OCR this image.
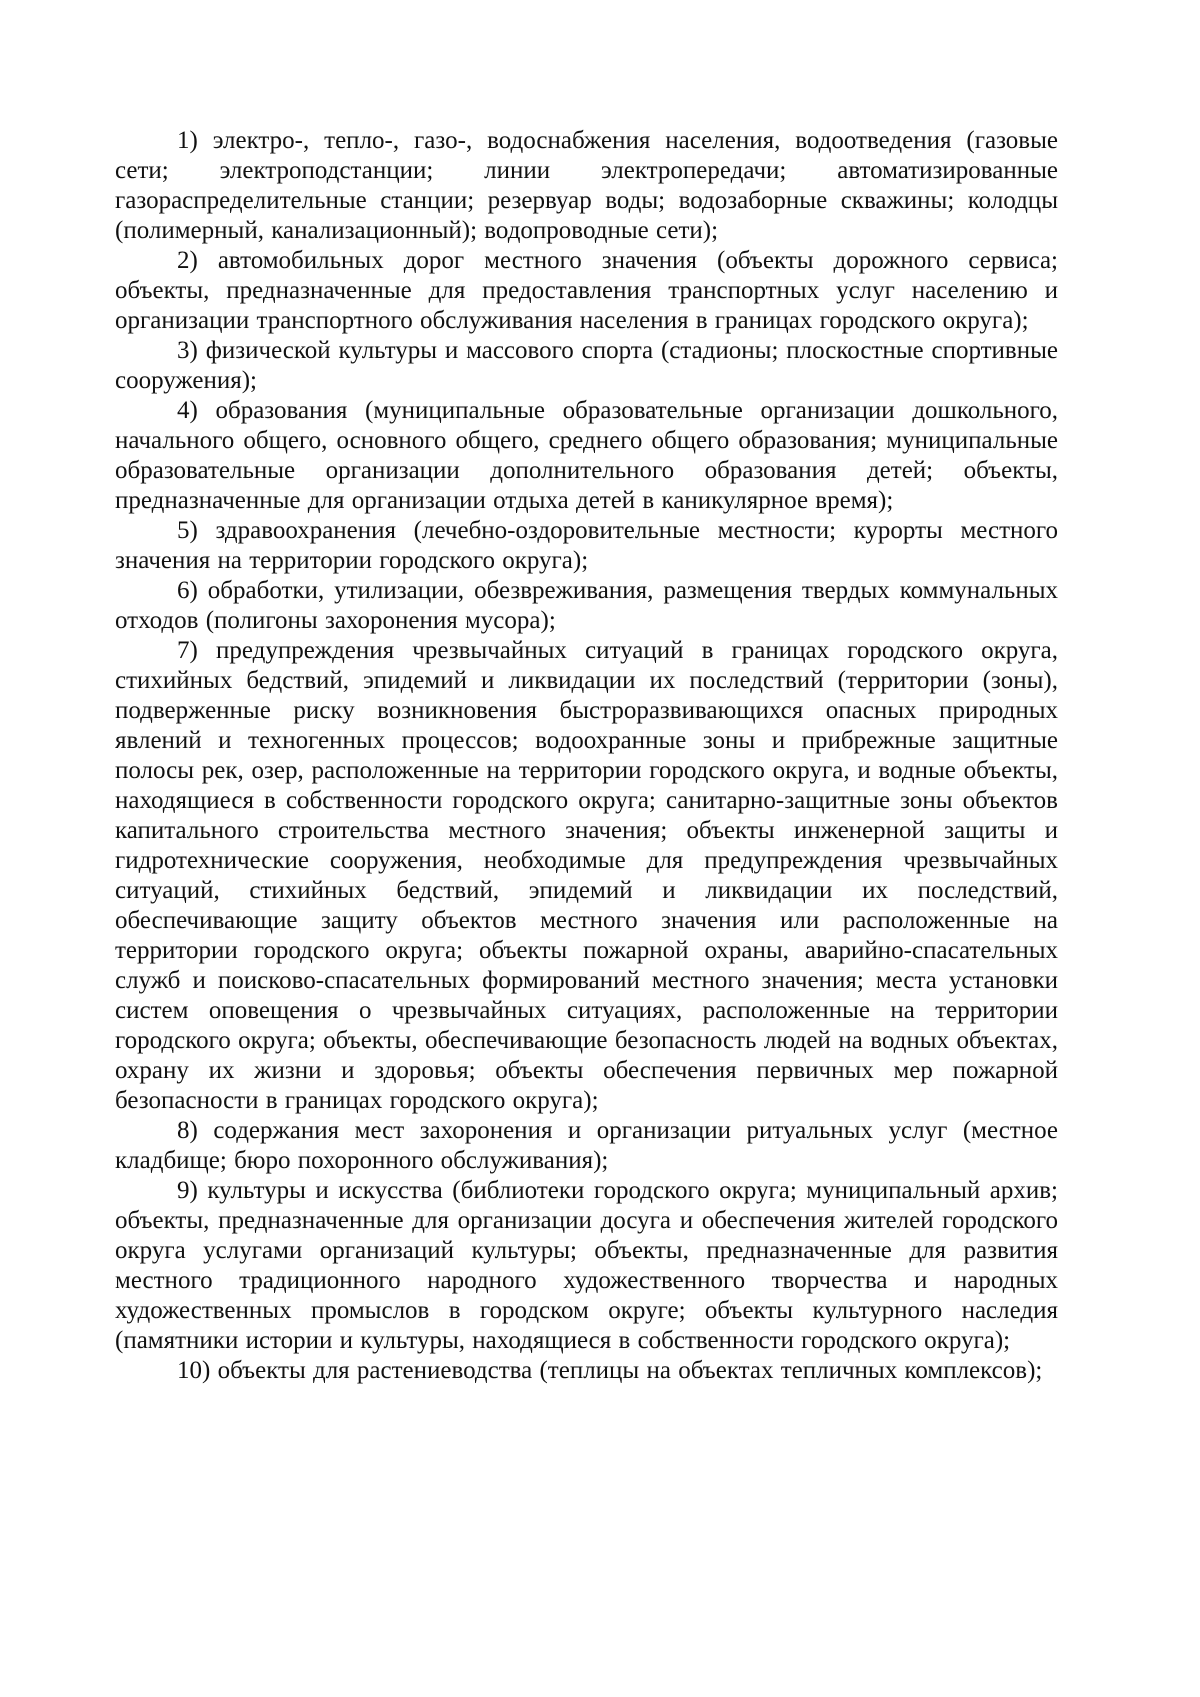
1) электро-, тепло-, газо-, водоснабжения населения, водоотведения (газовые сети; электроподстанции; линии электропередачи; автоматизированные газораспределительные станции; резервуар воды; водозаборные скважины; колодцы (полимерный, канализационный); водопроводные сети);

2) автомобильных дорог местного значения (объекты дорожного сервиса; объекты, предназначенные для предоставления транспортных услуг населению и организации транспортного обслуживания населения в границах городского округа);

3) физической культуры и массового спорта (стадионы; плоскостные спортивные сооружения);

4) образования (муниципальные образовательные организации дошкольного, начального общего, основного общего, среднего общего образования; муниципальные образовательные организации дополнительного образования детей; объекты, предназначенные для организации отдыха детей в каникулярное время);

5) здравоохранения (лечебно-оздоровительные местности; курорты местного значения на территории городского округа);

6) обработки, утилизации, обезвреживания, размещения твердых коммунальных отходов (полигоны захоронения мусора);

7) предупреждения чрезвычайных ситуаций в границах городского округа, стихийных бедствий, эпидемий и ликвидации их последствий (территории (зоны), подверженные риску возникновения быстроразвивающихся опасных природных явлений и техногенных процессов; водоохранные зоны и прибрежные защитные полосы рек, озер, расположенные на территории городского округа, и водные объекты, находящиеся в собственности городского округа; санитарно-защитные зоны объектов капитального строительства местного значения; объекты инженерной защиты и гидротехнические сооружения, необходимые для предупреждения чрезвычайных ситуаций, стихийных бедствий, эпидемий и ликвидации их последствий, обеспечивающие защиту объектов местного значения или расположенные на территории городского округа; объекты пожарной охраны, аварийно-спасательных служб и поисково-спасательных формирований местного значения; места установки систем оповещения о чрезвычайных ситуациях, расположенные на территории городского округа; объекты, обеспечивающие безопасность людей на водных объектах, охрану их жизни и здоровья; объекты обеспечения первичных мер пожарной безопасности в границах городского округа);

8) содержания мест захоронения и организации ритуальных услуг (местное кладбище; бюро похоронного обслуживания);

9) культуры и искусства (библиотеки городского округа; муниципальный архив; объекты, предназначенные для организации досуга и обеспечения жителей городского округа услугами организаций культуры; объекты, предназначенные для развития местного традиционного народного художественного творчества и народных художественных промыслов в городском округе; объекты культурного наследия (памятники истории и культуры, находящиеся в собственности городского округа);

10) объекты для растениеводства (теплицы на объектах тепличных комплексов);
